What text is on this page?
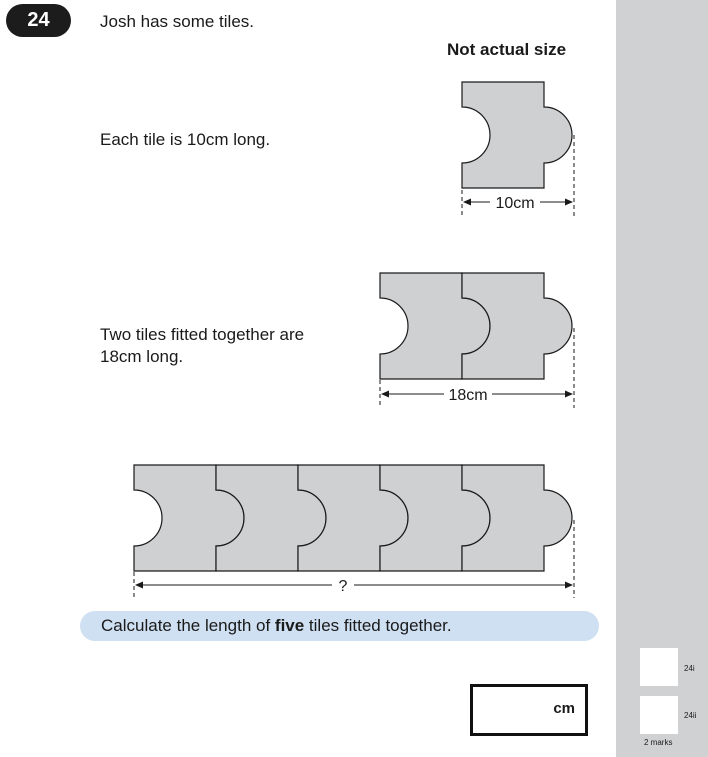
24	Josh has some tiles.
Not actual size
Each tile is 10cm long.
Two tiles fitted together are
18cm long.
10cm
18cm
?
Calculate the length of five tiles fitted together.
cm
24i
24ii
2 marks
